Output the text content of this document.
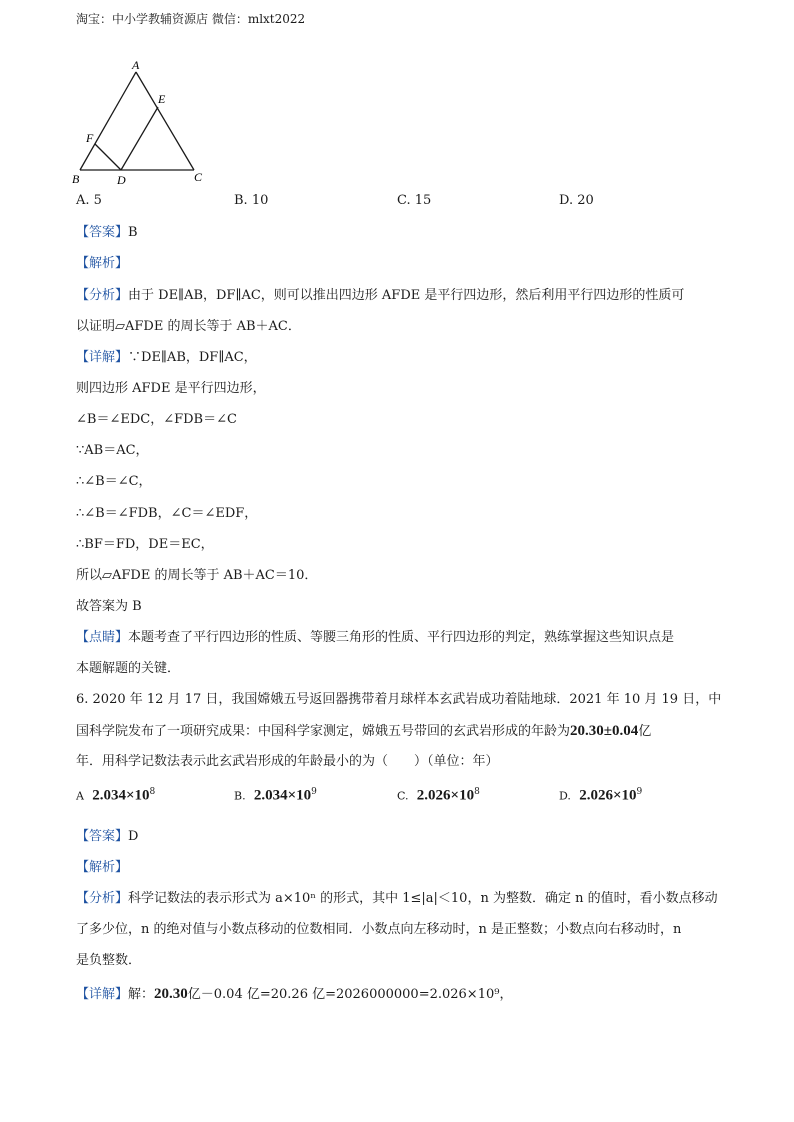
淘宝：中小学教辅资源店 微信：mlxt2022
A
E
F
B	D	C
A. 5	B. 10	C. 15	D. 20
【答案】B
【解析】
【分析】由于 DE∥AB，DF∥AC，则可以推出四边形 AFDE 是平行四边形，然后利用平行四边形的性质可
以证明▱AFDE 的周长等于 AB＋AC．
【详解】∵DE∥AB，DF∥AC，
则四边形 AFDE 是平行四边形，
∠B＝∠EDC，∠FDB＝∠C
∵AB＝AC，
∴∠B＝∠C，
∴∠B＝∠FDB，∠C＝∠EDF，
∴BF＝FD，DE＝EC，
所以▱AFDE 的周长等于 AB＋AC＝10．
故答案为 B
【点睛】本题考查了平行四边形的性质、等腰三角形的性质、平行四边形的判定，熟练掌握这些知识点是
本题解题的关键．
6. 2020 年 12 月 17 日，我国嫦娥五号返回器携带着月球样本玄武岩成功着陆地球．2021 年 10 月 19 日，中
国科学院发布了一项研究成果：中国科学家测定，嫦娥五号带回的玄武岩形成的年龄为20.30±0.04亿
年．用科学记数法表示此玄武岩形成的年龄最小的为（　　）（单位：年）
A $2.034\times 10^8$	B. $2.034\times 10^9$	C. $2.026\times 10^8$	D. $2.026\times 10^9$
【答案】D
【解析】
【分析】科学记数法的表示形式为 a×10ⁿ 的形式，其中 1≤|a|＜10，n 为整数．确定 n 的值时，看小数点移动
了多少位，n 的绝对值与小数点移动的位数相同．小数点向左移动时，n 是正整数；小数点向右移动时，n
是负整数．
【详解】解：20.30亿－0.04 亿=20.26 亿=2026000000=2.026×10⁹，
